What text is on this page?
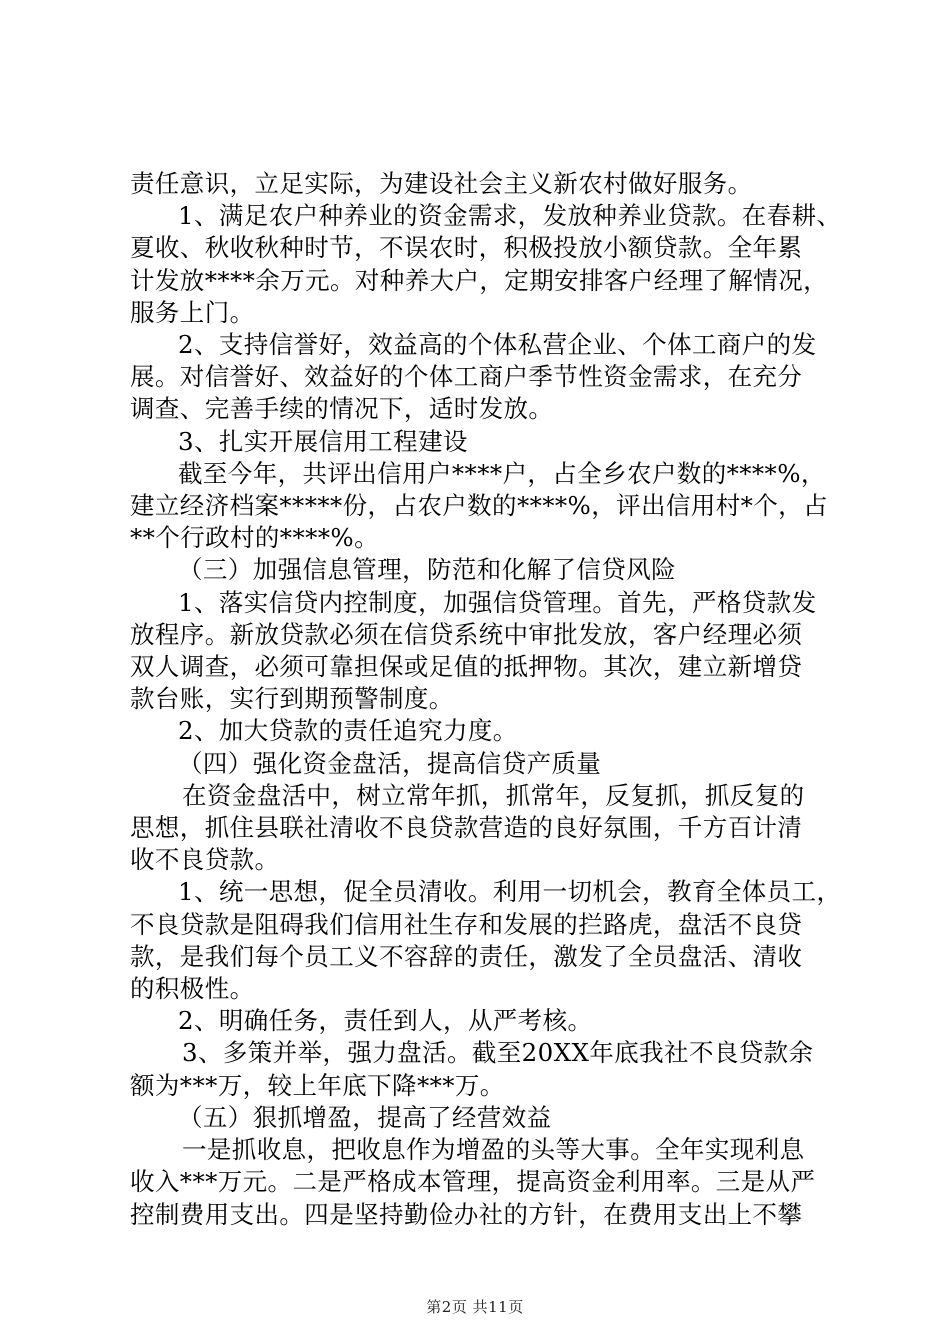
责任意识，立足实际，为建设社会主义新农村做好服务。
1、满足农户种养业的资金需求，发放种养业贷款。在春耕、
夏收、秋收秋种时节，不误农时，积极投放小额贷款。全年累
计发放****余万元。对种养大户，定期安排客户经理了解情况，
服务上门。
2、支持信誉好，效益高的个体私营企业、个体工商户的发
展。对信誉好、效益好的个体工商户季节性资金需求，在充分
调查、完善手续的情况下，适时发放。
3、扎实开展信用工程建设
截至今年，共评出信用户****户，占全乡农户数的****%，
建立经济档案*****份，占农户数的****%，评出信用村*个，占
**个行政村的****%。
（三）加强信息管理，防范和化解了信贷风险
1、落实信贷内控制度，加强信贷管理。首先，严格贷款发
放程序。新放贷款必须在信贷系统中审批发放，客户经理必须
双人调查，必须可靠担保或足值的抵押物。其次，建立新增贷
款台账，实行到期预警制度。
2、加大贷款的责任追究力度。
（四）强化资金盘活，提高信贷产质量
在资金盘活中，树立常年抓，抓常年，反复抓，抓反复的
思想，抓住县联社清收不良贷款营造的良好氛围，千方百计清
收不良贷款。
1、统一思想，促全员清收。利用一切机会，教育全体员工，
不良贷款是阻碍我们信用社生存和发展的拦路虎，盘活不良贷
款，是我们每个员工义不容辞的责任，激发了全员盘活、清收
的积极性。
2、明确任务，责任到人，从严考核。
3、多策并举，强力盘活。截至20XX年底我社不良贷款余
额为***万，较上年底下降***万。
（五）狠抓增盈，提高了经营效益
一是抓收息，把收息作为增盈的头等大事。全年实现利息
收入***万元。二是严格成本管理，提高资金利用率。三是从严
控制费用支出。四是坚持勤俭办社的方针，在费用支出上不攀
第2页 共11页
